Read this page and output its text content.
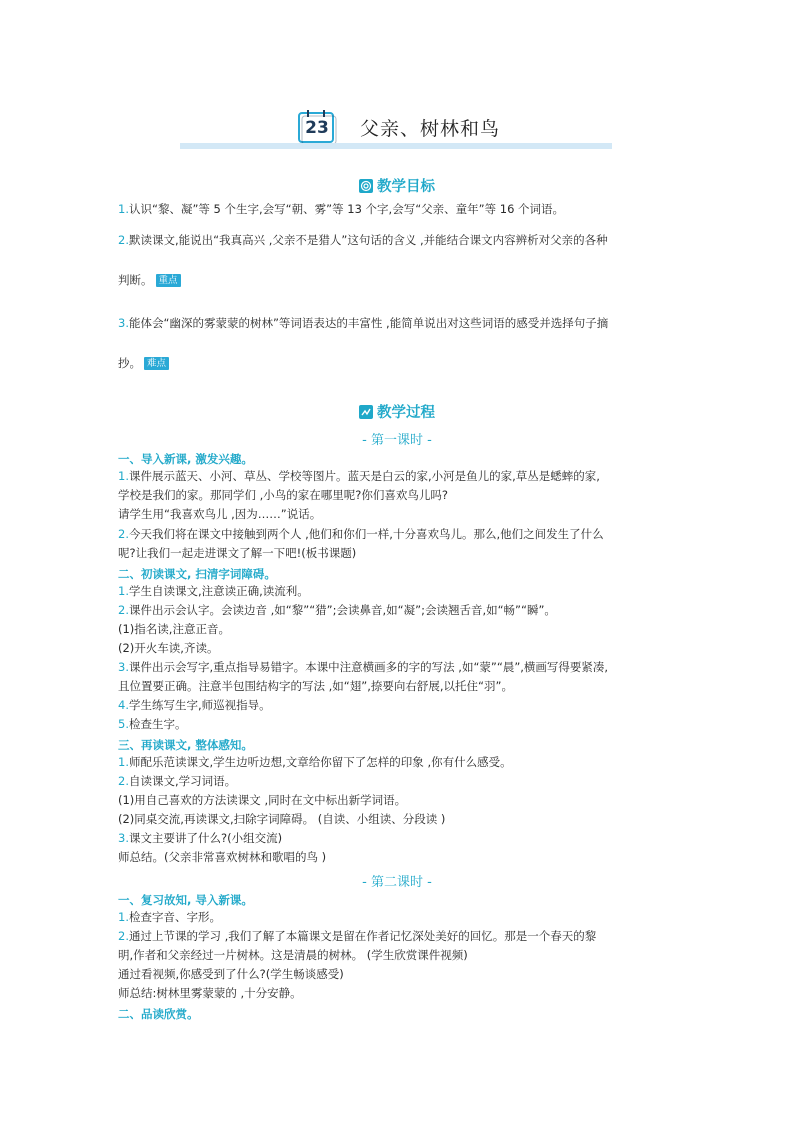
23	父亲、树林和鸟
教学目标
1.认识“黎、凝”等 5 个生字,会写“朝、雾”等 13 个字,会写“父亲、童年”等 16 个词语。
2.默读课文,能说出“我真高兴 ,父亲不是猎人”这句话的含义 ,并能结合课文内容辨析对父亲的各种
判断。 重点
3.能体会“幽深的雾蒙蒙的树林”等词语表达的丰富性 ,能简单说出对这些词语的感受并选择句子摘
抄。 难点
教学过程
- 第一课时 -
一、导入新课, 激发兴趣。
1.课件展示蓝天、小河、草丛、学校等图片。蓝天是白云的家,小河是鱼儿的家,草丛是蟋蟀的家,
学校是我们的家。那同学们 ,小鸟的家在哪里呢?你们喜欢鸟儿吗?
请学生用“我喜欢鸟儿 ,因为……”说话。
2.今天我们将在课文中接触到两个人 ,他们和你们一样,十分喜欢鸟儿。那么,他们之间发生了什么
呢?让我们一起走进课文了解一下吧!(板书课题)
二、初读课文, 扫清字词障碍。
1.学生自读课文,注意读正确,读流利。
2.课件出示会认字。会读边音 ,如“黎”“猎”;会读鼻音,如“凝”;会读翘舌音,如“畅”“瞬”。
(1)指名读,注意正音。
(2)开火车读,齐读。
3.课件出示会写字,重点指导易错字。本课中注意横画多的字的写法 ,如“蒙”“晨”,横画写得要紧凑,
且位置要正确。注意半包围结构字的写法 ,如“翅”,捺要向右舒展,以托住“羽”。
4.学生练写生字,师巡视指导。
5.检查生字。
三、再读课文, 整体感知。
1.师配乐范读课文,学生边听边想,文章给你留下了怎样的印象 ,你有什么感受。
2.自读课文,学习词语。
(1)用自己喜欢的方法读课文 ,同时在文中标出新学词语。
(2)同桌交流,再读课文,扫除字词障碍。 (自读、小组读、分段读 )
3.课文主要讲了什么?(小组交流)
师总结。(父亲非常喜欢树林和歌唱的鸟 )
- 第二课时 -
一、复习故知, 导入新课。
1.检查字音、字形。
2.通过上节课的学习 ,我们了解了本篇课文是留在作者记忆深处美好的回忆。那是一个春天的黎
明,作者和父亲经过一片树林。这是清晨的树林。 (学生欣赏课件视频)
通过看视频,你感受到了什么?(学生畅谈感受)
师总结:树林里雾蒙蒙的 ,十分安静。
二、品读欣赏。
